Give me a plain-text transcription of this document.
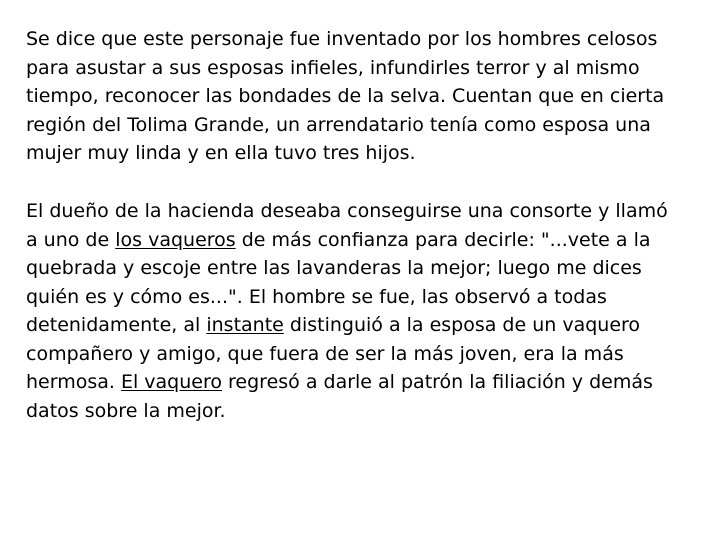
Se dice que este personaje fue inventado por los hombres celosos
para asustar a sus esposas infieles, infundirles terror y al mismo
tiempo, reconocer las bondades de la selva. Cuentan que en cierta
región del Tolima Grande, un arrendatario tenía como esposa una
mujer muy linda y en ella tuvo tres hijos.

El dueño de la hacienda deseaba conseguirse una consorte y llamó
a uno de los vaqueros de más confianza para decirle: "...vete a la
quebrada y escoje entre las lavanderas la mejor; luego me dices
quién es y cómo es...". El hombre se fue, las observó a todas
detenidamente, al instante distinguió a la esposa de un vaquero
compañero y amigo, que fuera de ser la más joven, era la más
hermosa. El vaquero regresó a darle al patrón la filiación y demás
datos sobre la mejor.
